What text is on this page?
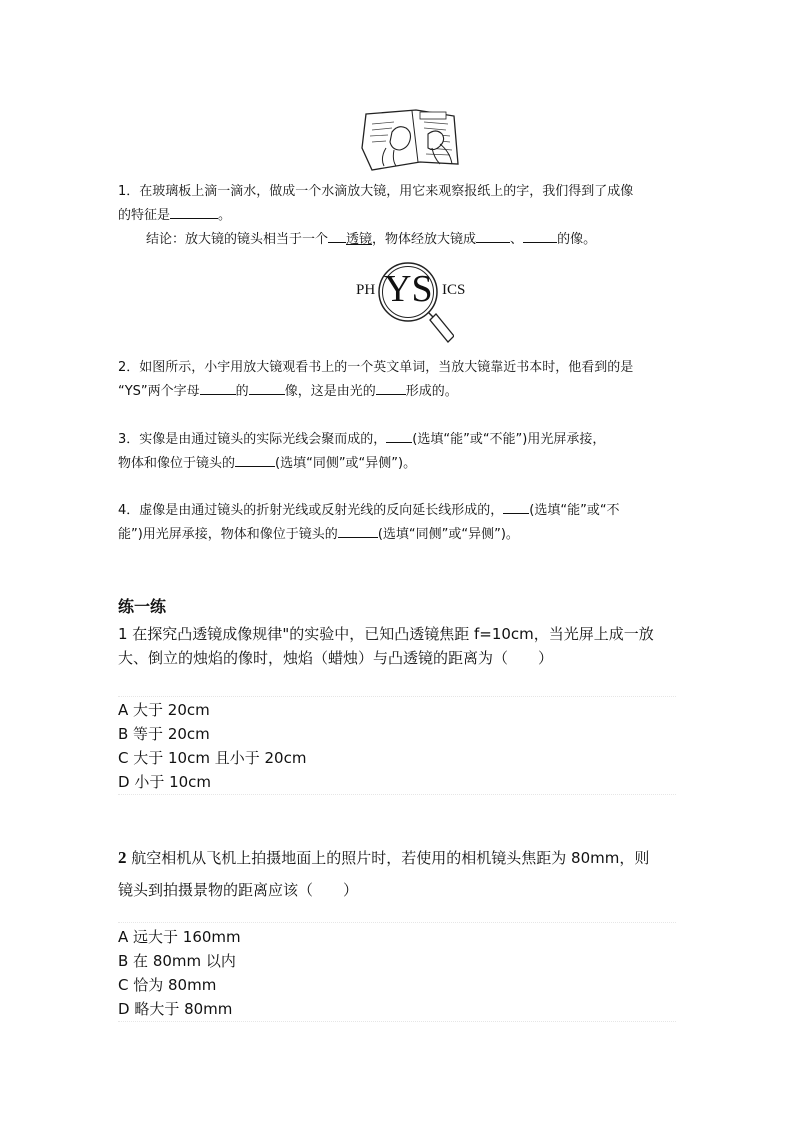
1．在玻璃板上滴一滴水，做成一个水滴放大镜，用它来观察报纸上的字，我们得到了成像
的特征是	。
结论：放大镜的镜头相当于一个 透镜，物体经放大镜成	、	的像。
PH YS ICS
2．如图所示，小宇用放大镜观看书上的一个英文单词，当放大镜靠近书本时，他看到的是
“YS”两个字母	的	像，这是由光的 形成的。
3．实像是由通过镜头的实际光线会聚而成的， (选填“能”或“不能”)用光屏承接，
物体和像位于镜头的	(选填“同侧”或“异侧”)。
4．虚像是由通过镜头的折射光线或反射光线的反向延长线形成的， (选填“能”或“不
能”)用光屏承接，物体和像位于镜头的	(选填“同侧”或“异侧”)。
练一练
1 在探究凸透镜成像规律"的实验中，已知凸透镜焦距 f=10cm，当光屏上成一放
大、倒立的烛焰的像时，烛焰（蜡烛）与凸透镜的距离为（　　）
A 大于 20cm
B 等于 20cm
C 大于 10cm 且小于 20cm
D 小于 10cm
2 航空相机从飞机上拍摄地面上的照片时，若使用的相机镜头焦距为 80mm，则
镜头到拍摄景物的距离应该（　　）
A 远大于 160mm
B 在 80mm 以内
C 恰为 80mm
D 略大于 80mm
